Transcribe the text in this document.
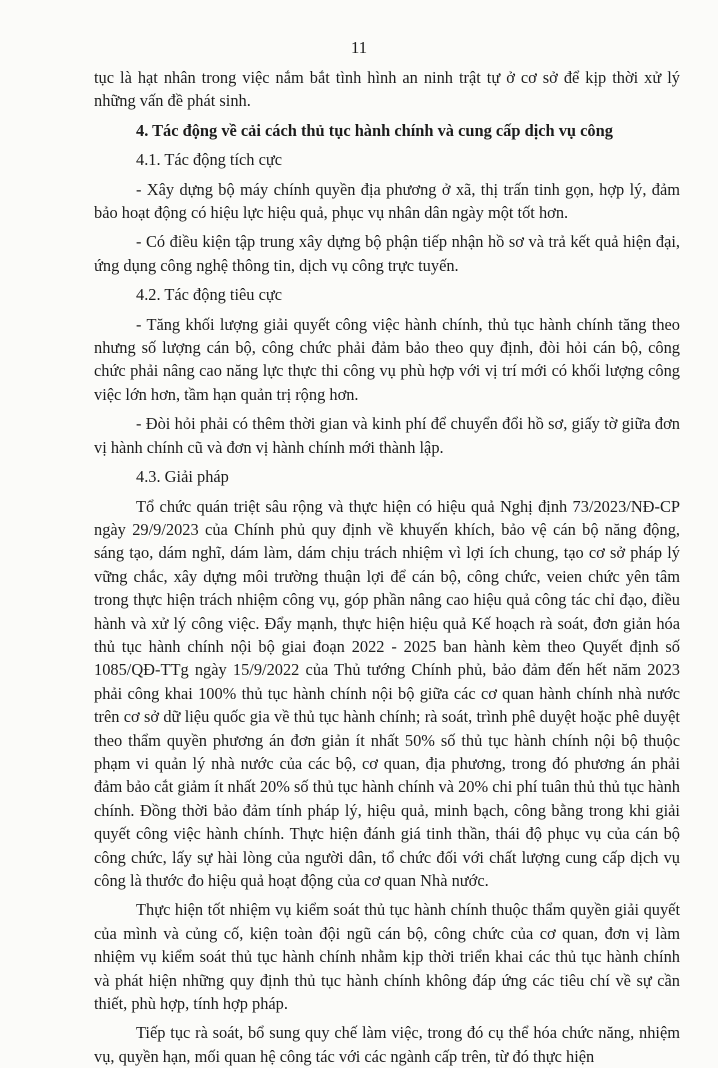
11

tục là hạt nhân trong việc nắm bắt tình hình an ninh trật tự ở cơ sở để kịp thời xử lý những vấn đề phát sinh.

4. Tác động về cải cách thủ tục hành chính và cung cấp dịch vụ công

4.1. Tác động tích cực

- Xây dựng bộ máy chính quyền địa phương ở xã, thị trấn tinh gọn, hợp lý, đảm bảo hoạt động có hiệu lực hiệu quả, phục vụ nhân dân ngày một tốt hơn.

- Có điều kiện tập trung xây dựng bộ phận tiếp nhận hồ sơ và trả kết quả hiện đại, ứng dụng công nghệ thông tin, dịch vụ công trực tuyến.

4.2. Tác động tiêu cực

- Tăng khối lượng giải quyết công việc hành chính, thủ tục hành chính tăng theo nhưng số lượng cán bộ, công chức phải đảm bảo theo quy định, đòi hỏi cán bộ, công chức phải nâng cao năng lực thực thi công vụ phù hợp với vị trí mới có khối lượng công việc lớn hơn, tầm hạn quản trị rộng hơn.

- Đòi hỏi phải có thêm thời gian và kinh phí để chuyển đổi hồ sơ, giấy tờ giữa đơn vị hành chính cũ và đơn vị hành chính mới thành lập.

4.3. Giải pháp

Tổ chức quán triệt sâu rộng và thực hiện có hiệu quả Nghị định 73/2023/NĐ-CP ngày 29/9/2023 của Chính phủ quy định về khuyến khích, bảo vệ cán bộ năng động, sáng tạo, dám nghĩ, dám làm, dám chịu trách nhiệm vì lợi ích chung, tạo cơ sở pháp lý vững chắc, xây dựng môi trường thuận lợi để cán bộ, công chức, veien chức yên tâm trong thực hiện trách nhiệm công vụ, góp phần nâng cao hiệu quả công tác chỉ đạo, điều hành và xử lý công việc. Đẩy mạnh, thực hiện hiệu quả Kế hoạch rà soát, đơn giản hóa thủ tục hành chính nội bộ giai đoạn 2022 - 2025 ban hành kèm theo Quyết định số 1085/QĐ-TTg ngày 15/9/2022 của Thủ tướng Chính phủ, bảo đảm đến hết năm 2023 phải công khai 100% thủ tục hành chính nội bộ giữa các cơ quan hành chính nhà nước trên cơ sở dữ liệu quốc gia về thủ tục hành chính; rà soát, trình phê duyệt hoặc phê duyệt theo thẩm quyền phương án đơn giản ít nhất 50% số thủ tục hành chính nội bộ thuộc phạm vi quản lý nhà nước của các bộ, cơ quan, địa phương, trong đó phương án phải đảm bảo cắt giảm ít nhất 20% số thủ tục hành chính và 20% chi phí tuân thủ thủ tục hành chính. Đồng thời bảo đảm tính pháp lý, hiệu quả, minh bạch, công bằng trong khi giải quyết công việc hành chính. Thực hiện đánh giá tinh thần, thái độ phục vụ của cán bộ công chức, lấy sự hài lòng của người dân, tổ chức đối với chất lượng cung cấp dịch vụ công là thước đo hiệu quả hoạt động của cơ quan Nhà nước.

Thực hiện tốt nhiệm vụ kiểm soát thủ tục hành chính thuộc thẩm quyền giải quyết của mình và củng cố, kiện toàn đội ngũ cán bộ, công chức của cơ quan, đơn vị làm nhiệm vụ kiểm soát thủ tục hành chính nhằm kịp thời triển khai các thủ tục hành chính và phát hiện những quy định thủ tục hành chính không đáp ứng các tiêu chí về sự cần thiết, phù hợp, tính hợp pháp.

Tiếp tục rà soát, bổ sung quy chế làm việc, trong đó cụ thể hóa chức năng, nhiệm vụ, quyền hạn, mối quan hệ công tác với các ngành cấp trên, từ đó thực hiện
